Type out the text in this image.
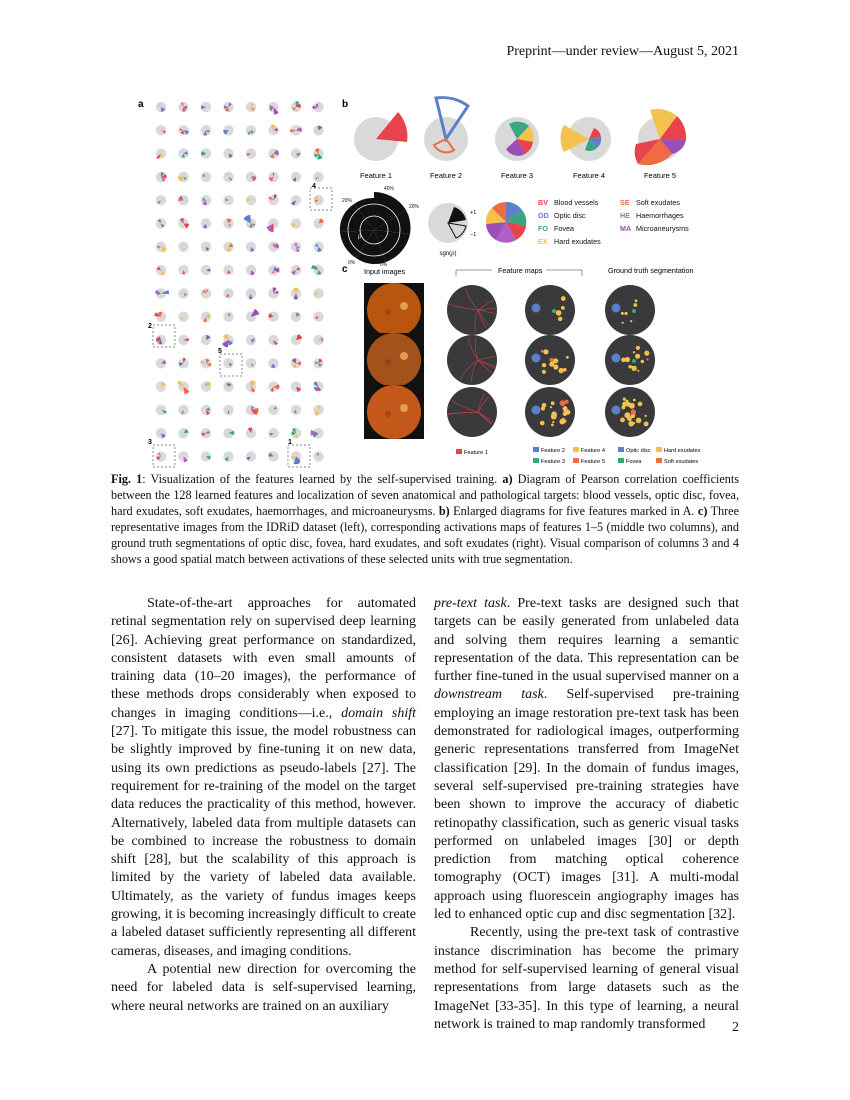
Preprint—under review—August 5, 2021
a	b
c
4
2
5
3	1
Feature 1	Feature 2	Feature 3	Feature 4	Feature 5
40%
20%
20%
0%	0%
ρ
+1
−1
sgn(ρ)
BV Blood vessels
OD Optic disc
FO Fovea
EX Hard exudates
SE Soft exudates
HE Haemorrhages
MA Microaneurysms
Input images	Feature maps	Ground truth segmentation
Feature 1	Feature 2	Feature 4
Feature 3	Feature 5
Optic disc Hard exudates
Fovea	Soft exudates
Fig. 1: Visualization of the features learned by the self-supervised training. a) Diagram of Pearson correlation coefficients between the 128 learned features and localization of seven anatomical and pathological targets: blood vessels, optic disc, fovea, hard exudates, soft exudates, haemorrhages, and microaneurysms. b) Enlarged diagrams for five features marked in A. c) Three representative images from the IDRiD dataset (left), corresponding activations maps of features 1–5 (middle two columns), and ground truth segmentations of optic disc, fovea, hard exudates, and soft exudates (right). Visual comparison of columns 3 and 4 shows a good spatial match between activations of these selected units with true segmentation.

State-of-the-art approaches for automated retinal segmentation rely on supervised deep learning [26]. Achieving great performance on standardized, consistent datasets with even small amounts of training data (10–20 images), the performance of these methods drops considerably when exposed to changes in imaging conditions—i.e., domain shift [27]. To mitigate this issue, the model robustness can be slightly improved by fine-tuning it on new data, using its own predictions as pseudo-labels [27]. The requirement for re-training of the model on the target data reduces the practicality of this method, however. Alternatively, labeled data from multiple datasets can be combined to increase the robustness to domain shift [28], but the scalability of this approach is limited by the variety of labeled data available. Ultimately, as the variety of fundus images keeps growing, it is becoming increasingly difficult to create a labeled dataset sufficiently representing all different cameras, diseases, and imaging conditions.

A potential new direction for overcoming the need for labeled data is self-supervised learning, where neural networks are trained on an auxiliary

pre-text task. Pre-text tasks are designed such that targets can be easily generated from unlabeled data and solving them requires learning a semantic representation of the data. This representation can be further fine-tuned in the usual supervised manner on a downstream task. Self-supervised pre-training employing an image restoration pre-text task has been demonstrated for radiological images, outperforming generic representations transferred from ImageNet classification [29]. In the domain of fundus images, several self-supervised pre-training strategies have been shown to improve the accuracy of diabetic retinopathy classification, such as generic visual tasks performed on unlabeled images [30] or depth prediction from matching optical coherence tomography (OCT) images [31]. A multi-modal approach using fluorescein angiography images has led to enhanced optic cup and disc segmentation [32].

Recently, using the pre-text task of contrastive instance discrimination has become the primary method for self-supervised learning of general visual representations from large datasets such as the ImageNet [33-35]. In this type of learning, a neural network is trained to map randomly transformed	2
